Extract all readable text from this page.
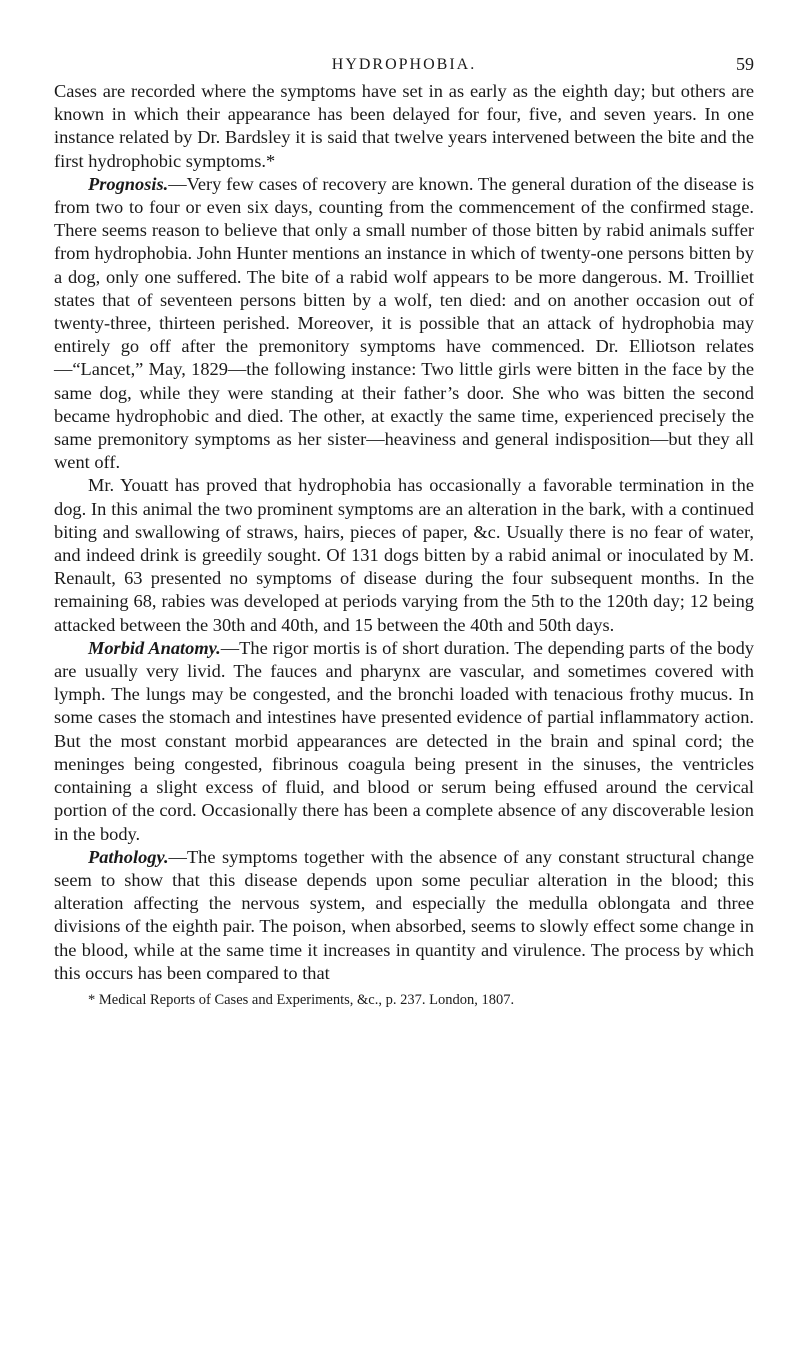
HYDROPHOBIA.	59

Cases are recorded where the symptoms have set in as early as the eighth day; but others are known in which their appearance has been delayed for four, five, and seven years. In one instance related by Dr. Bardsley it is said that twelve years intervened between the bite and the first hydrophobic symptoms.*

Prognosis.—Very few cases of recovery are known. The general duration of the disease is from two to four or even six days, counting from the commencement of the confirmed stage. There seems reason to believe that only a small number of those bitten by rabid animals suffer from hydrophobia. John Hunter mentions an instance in which of twenty-one persons bitten by a dog, only one suffered. The bite of a rabid wolf appears to be more dangerous. M. Troilliet states that of seventeen persons bitten by a wolf, ten died: and on another occasion out of twenty-three, thirteen perished. Moreover, it is possible that an attack of hydrophobia may entirely go off after the premonitory symptoms have commenced. Dr. Elliotson relates—“Lancet,” May, 1829—the following instance: Two little girls were bitten in the face by the same dog, while they were standing at their father’s door. She who was bitten the second became hydrophobic and died. The other, at exactly the same time, experienced precisely the same premonitory symptoms as her sister—heaviness and general indisposition—but they all went off.

Mr. Youatt has proved that hydrophobia has occasionally a favorable termination in the dog. In this animal the two prominent symptoms are an alteration in the bark, with a continued biting and swallowing of straws, hairs, pieces of paper, &c. Usually there is no fear of water, and indeed drink is greedily sought. Of 131 dogs bitten by a rabid animal or inoculated by M. Renault, 63 presented no symptoms of disease during the four subsequent months. In the remaining 68, rabies was developed at periods varying from the 5th to the 120th day; 12 being attacked between the 30th and 40th, and 15 between the 40th and 50th days.

Morbid Anatomy.—The rigor mortis is of short duration. The depending parts of the body are usually very livid. The fauces and pharynx are vascular, and sometimes covered with lymph. The lungs may be congested, and the bronchi loaded with tenacious frothy mucus. In some cases the stomach and intestines have presented evidence of partial inflammatory action. But the most constant morbid appearances are detected in the brain and spinal cord; the meninges being congested, fibrinous coagula being present in the sinuses, the ventricles containing a slight excess of fluid, and blood or serum being effused around the cervical portion of the cord. Occasionally there has been a complete absence of any discoverable lesion in the body.

Pathology.—The symptoms together with the absence of any constant structural change seem to show that this disease depends upon some peculiar alteration in the blood; this alteration affecting the nervous system, and especially the medulla oblongata and three divisions of the eighth pair. The poison, when absorbed, seems to slowly effect some change in the blood, while at the same time it increases in quantity and virulence. The process by which this occurs has been compared to that

* Medical Reports of Cases and Experiments, &c., p. 237. London, 1807.
